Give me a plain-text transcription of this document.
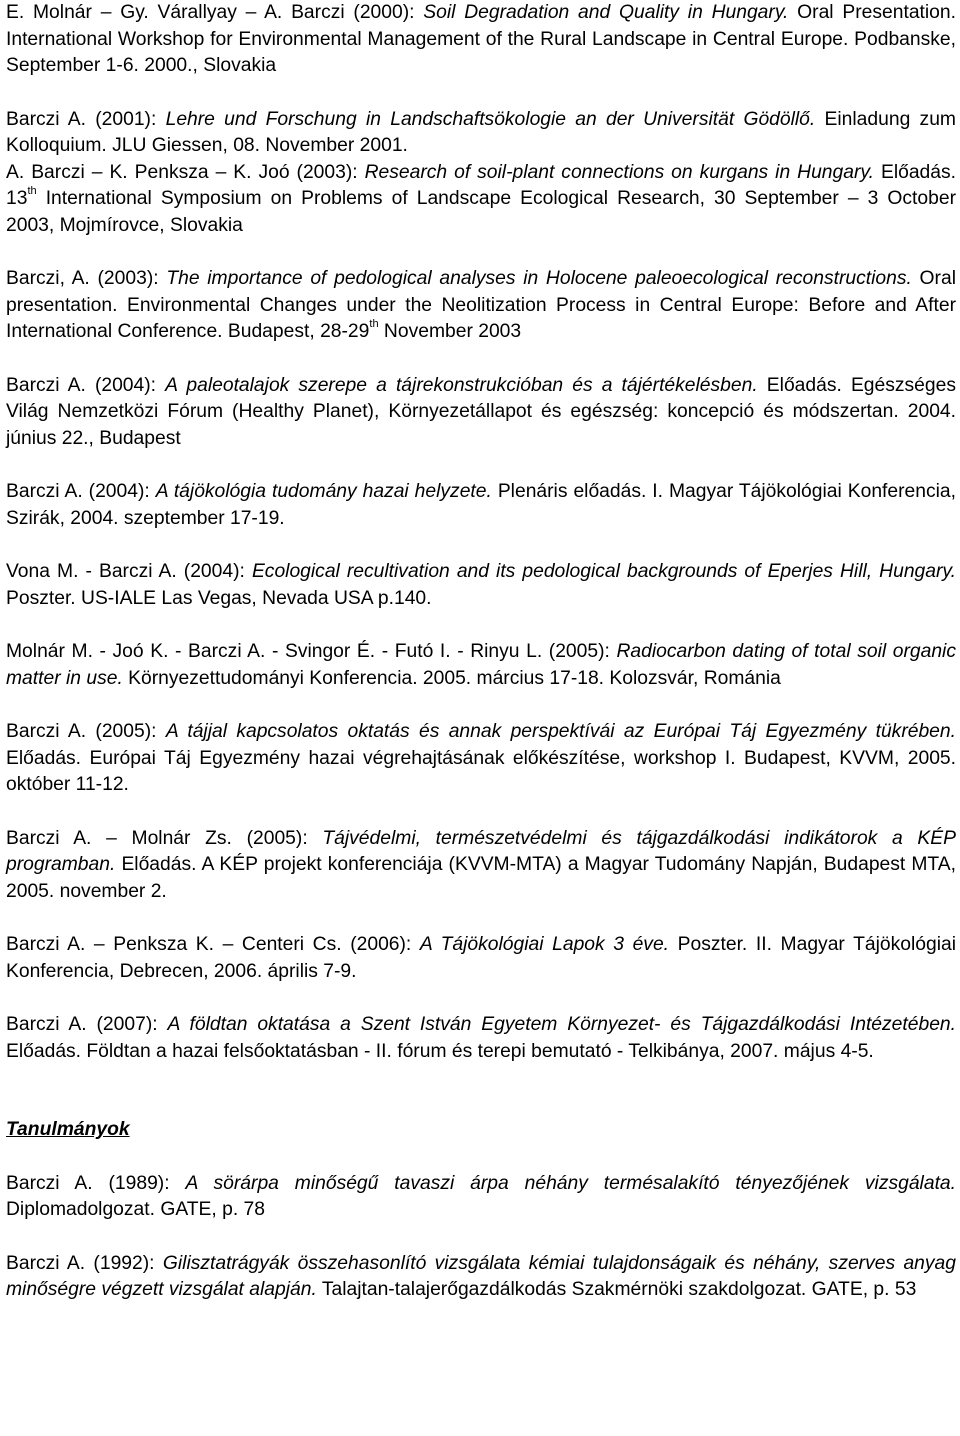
E. Molnár – Gy. Várallyay – A. Barczi (2000): Soil Degradation and Quality in Hungary. Oral Presentation. International Workshop for Environmental Management of the Rural Landscape in Central Europe. Podbanske, September 1-6. 2000., Slovakia

Barczi A. (2001): Lehre und Forschung in Landschaftsökologie an der Universität Gödöllő. Einladung zum Kolloquium. JLU Giessen, 08. November 2001.

A. Barczi – K. Penksza – K. Joó (2003): Research of soil-plant connections on kurgans in Hungary. Előadás. 13th International Symposium on Problems of Landscape Ecological Research, 30 September – 3 October 2003, Mojmírovce, Slovakia

Barczi, A. (2003): The importance of pedological analyses in Holocene paleoecological reconstructions. Oral presentation. Environmental Changes under the Neolitization Process in Central Europe: Before and After International Conference. Budapest, 28-29th November 2003

Barczi A. (2004): A paleotalajok szerepe a tájrekonstrukcióban és a tájértékelésben. Előadás. Egészséges Világ Nemzetközi Fórum (Healthy Planet), Környezetállapot és egészség: koncepció és módszertan. 2004. június 22., Budapest

Barczi A. (2004): A tájökológia tudomány hazai helyzete. Plenáris előadás. I. Magyar Tájökológiai Konferencia, Szirák, 2004. szeptember 17-19.

Vona M. - Barczi A. (2004): Ecological recultivation and its pedological backgrounds of Eperjes Hill, Hungary. Poszter. US-IALE Las Vegas, Nevada USA p.140.

Molnár M. - Joó K. - Barczi A. - Svingor É. - Futó I. - Rinyu L. (2005): Radiocarbon dating of total soil organic matter in use. Környezettudományi Konferencia. 2005. március 17-18. Kolozsvár, Románia

Barczi A. (2005): A tájjal kapcsolatos oktatás és annak perspektívái az Európai Táj Egyezmény tükrében. Előadás. Európai Táj Egyezmény hazai végrehajtásának előkészítése, workshop I. Budapest, KVVM, 2005. október 11-12.

Barczi A. – Molnár Zs. (2005): Tájvédelmi, természetvédelmi és tájgazdálkodási indikátorok a KÉP programban. Előadás. A KÉP projekt konferenciája (KVVM-MTA) a Magyar Tudomány Napján, Budapest MTA, 2005. november 2.

Barczi A. – Penksza K. – Centeri Cs. (2006): A Tájökológiai Lapok 3 éve. Poszter. II. Magyar Tájökológiai Konferencia, Debrecen, 2006. április 7-9.

Barczi A. (2007): A földtan oktatása a Szent István Egyetem Környezet- és Tájgazdálkodási Intézetében. Előadás. Földtan a hazai felsőoktatásban - II. fórum és terepi bemutató - Telkibánya, 2007. május 4-5.

Tanulmányok

Barczi A. (1989): A sörárpa minőségű tavaszi árpa néhány termésalakító tényezőjének vizsgálata. Diplomadolgozat. GATE, p. 78

Barczi A. (1992): Gilisztatrágyák összehasonlító vizsgálata kémiai tulajdonságaik és néhány, szerves anyag minőségre végzett vizsgálat alapján. Talajtan-talajerőgazdálkodás Szakmérnöki szakdolgozat. GATE, p. 53
